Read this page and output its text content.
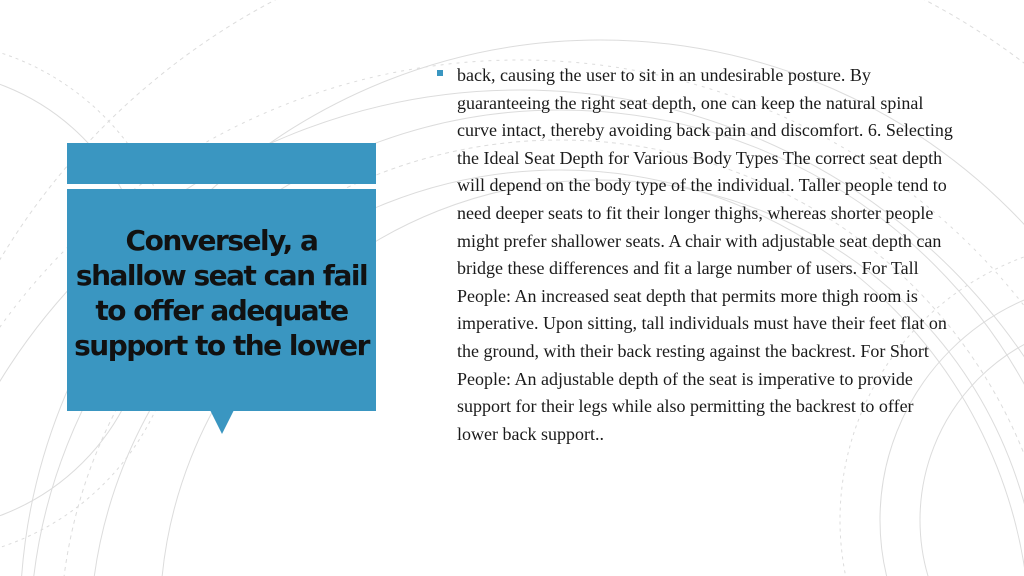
Conversely, a shallow seat can fail to offer adequate support to the lower

back, causing the user to sit in an undesirable posture. By guaranteeing the right seat depth, one can keep the natural spinal curve intact, thereby avoiding back pain and discomfort. 6. Selecting the Ideal Seat Depth for Various Body Types The correct seat depth will depend on the body type of the individual. Taller people tend to need deeper seats to fit their longer thighs, whereas shorter people might prefer shallower seats. A chair with adjustable seat depth can bridge these differences and fit a large number of users. For Tall People: An increased seat depth that permits more thigh room is imperative. Upon sitting, tall individuals must have their feet flat on the ground, with their back resting against the backrest. For Short People: An adjustable depth of the seat is imperative to provide support for their legs while also permitting the backrest to offer lower back support..
